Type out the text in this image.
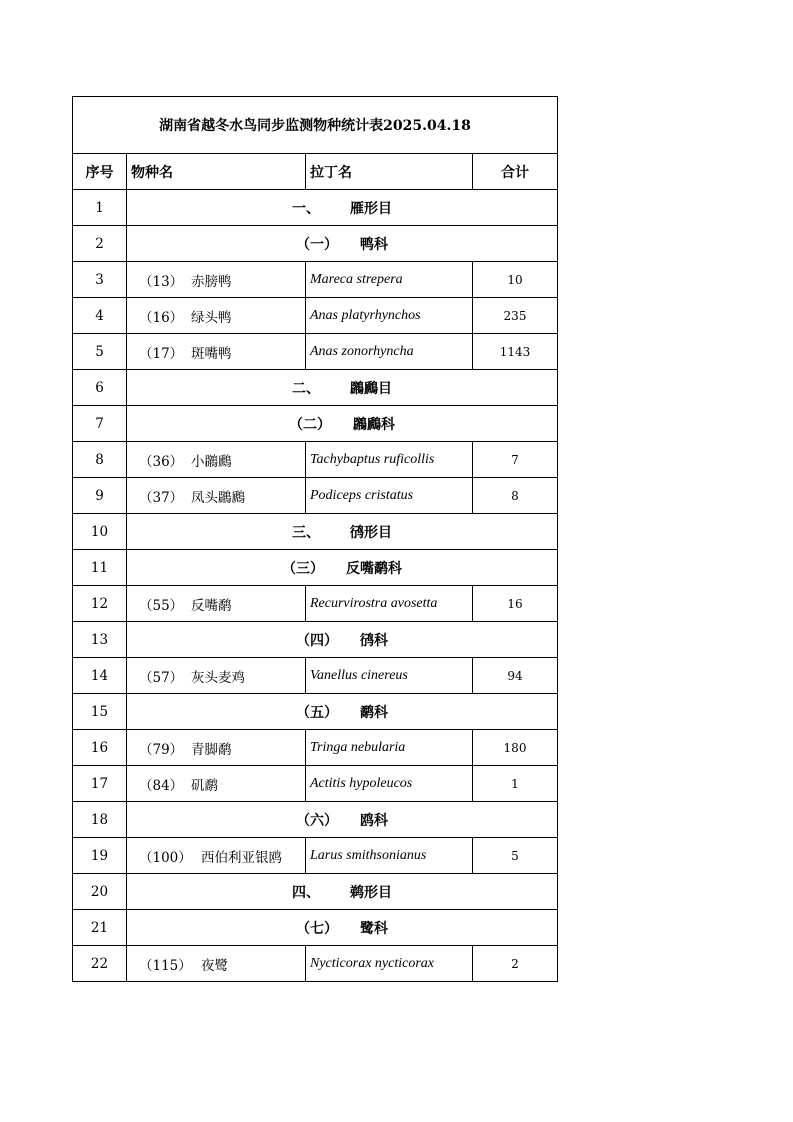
湖南省越冬水鸟同步监测物种统计表2025.04.18			
序号	物种名	拉丁名	合计
1	一、 雁形目		
2	（一） 鸭科		
3	（13） 赤膀鸭	Mareca strepera	10
4	（16） 绿头鸭	Anas platyrhynchos	235
5	（17） 斑嘴鸭	Anas zonorhyncha	1143
6	二、 鸊鷉目		
7	（二） 鸊鷉科		
8	（36） 小鸊鷉	Tachybaptus ruficollis	7
9	（37） 凤头鸊鷉	Podiceps cristatus	8
10	三、 鸻形目		
11	（三） 反嘴鹬科		
12	（55） 反嘴鹬	Recurvirostra avosetta	16
13	（四） 鸻科		
14	（57） 灰头麦鸡	Vanellus cinereus	94
15	（五） 鹬科		
16	（79） 青脚鹬	Tringa nebularia	180
17	（84） 矶鹬	Actitis hypoleucos	1
18	（六） 鸥科		
19	（100） 西伯利亚银鸥	Larus smithsonianus	5
20	四、 鹈形目		
21	（七） 鹭科		
22	（115） 夜鹭	Nycticorax nycticorax	2
